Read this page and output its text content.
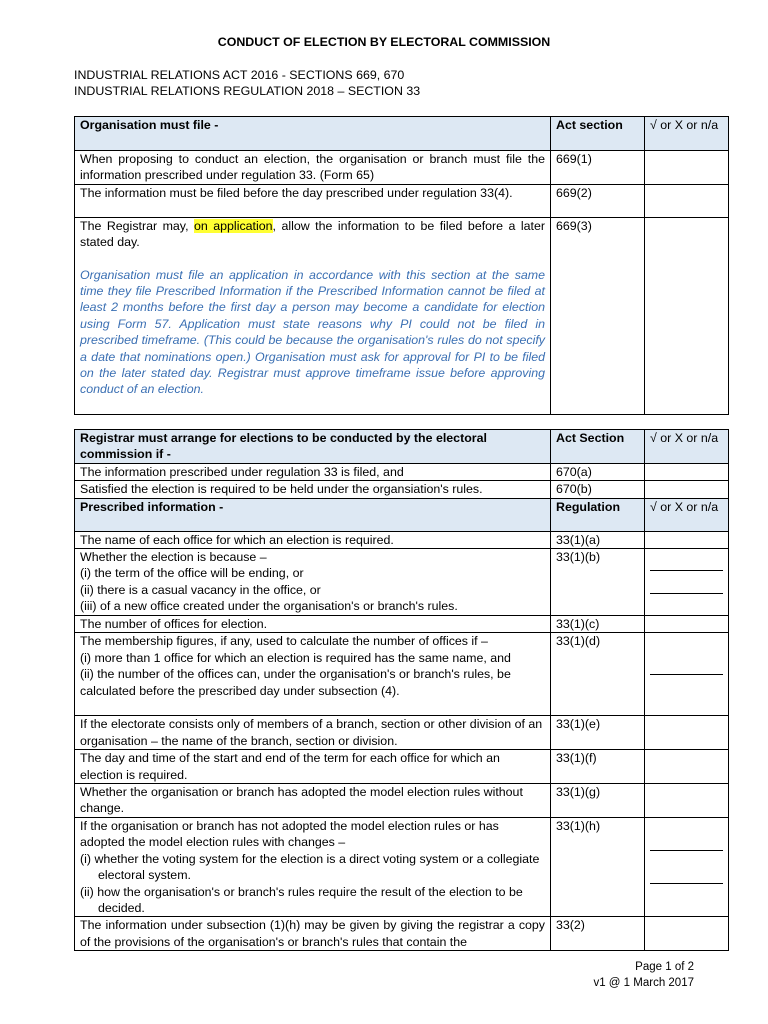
CONDUCT OF ELECTION BY ELECTORAL COMMISSION
INDUSTRIAL RELATIONS ACT 2016 - SECTIONS 669, 670
INDUSTRIAL RELATIONS REGULATION 2018 – SECTION 33
Organisation must file -	Act section	√ or X or n/a
When proposing to conduct an election, the organisation or branch must file the information prescribed under regulation 33. (Form 65)	669(1)	
The information must be filed before the day prescribed under regulation 33(4).	669(2)	

The Registrar may, on application, allow the information to be filed before a later stated day.
Organisation must file an application in accordance with this section at the same time they file Prescribed Information if the Prescribed Information cannot be filed at least 2 months before the first day a person may become a candidate for election using Form 57. Application must state reasons why PI could not be filed in prescribed timeframe. (This could be because the organisation's rules do not specify a date that nominations open.) Organisation must ask for approval for PI to be filed on the later stated day. Registrar must approve timeframe issue before approving conduct of an election.	669(3)	
Registrar must arrange for elections to be conducted by the electoral commission if -	Act Section	√ or X or n/a
The information prescribed under regulation 33 is filed, and	670(a)	
Satisfied the election is required to be held under the organsiation's rules.	670(b)	
Prescribed information -	Regulation	√ or X or n/a
The name of each office for which an election is required.	33(1)(a)	

Whether the election is because –
(i) the term of the office will be ending, or
(ii) there is a casual vacancy in the office, or
(iii) of a new office created under the organisation's or branch's rules.	33(1)(b)	

The number of offices for election.	33(1)(c)	

The membership figures, if any, used to calculate the number of offices if –
(i) more than 1 office for which an election is required has the same name, and
(ii) the number of the offices can, under the organisation's or branch's rules, be calculated before the prescribed day under subsection (4).	33(1)(d)	

If the electorate consists only of members of a branch, section or other division of an organisation – the name of the branch, section or division.	33(1)(e)	
The day and time of the start and end of the term for each office for which an election is required.	33(1)(f)	
Whether the organisation or branch has adopted the model election rules without change.	33(1)(g)	

If the organisation or branch has not adopted the model election rules or has adopted the model election rules with changes –
(i) whether the voting system for the election is a direct voting system or a collegiate electoral system.
(ii) how the organisation's or branch's rules require the result of the election to be decided.	33(1)(h)	

The information under subsection (1)(h) may be given by giving the registrar a copy of the provisions of the organisation's or branch's rules that contain the	33(2)	
Page 1 of 2
v1 @ 1 March 2017
